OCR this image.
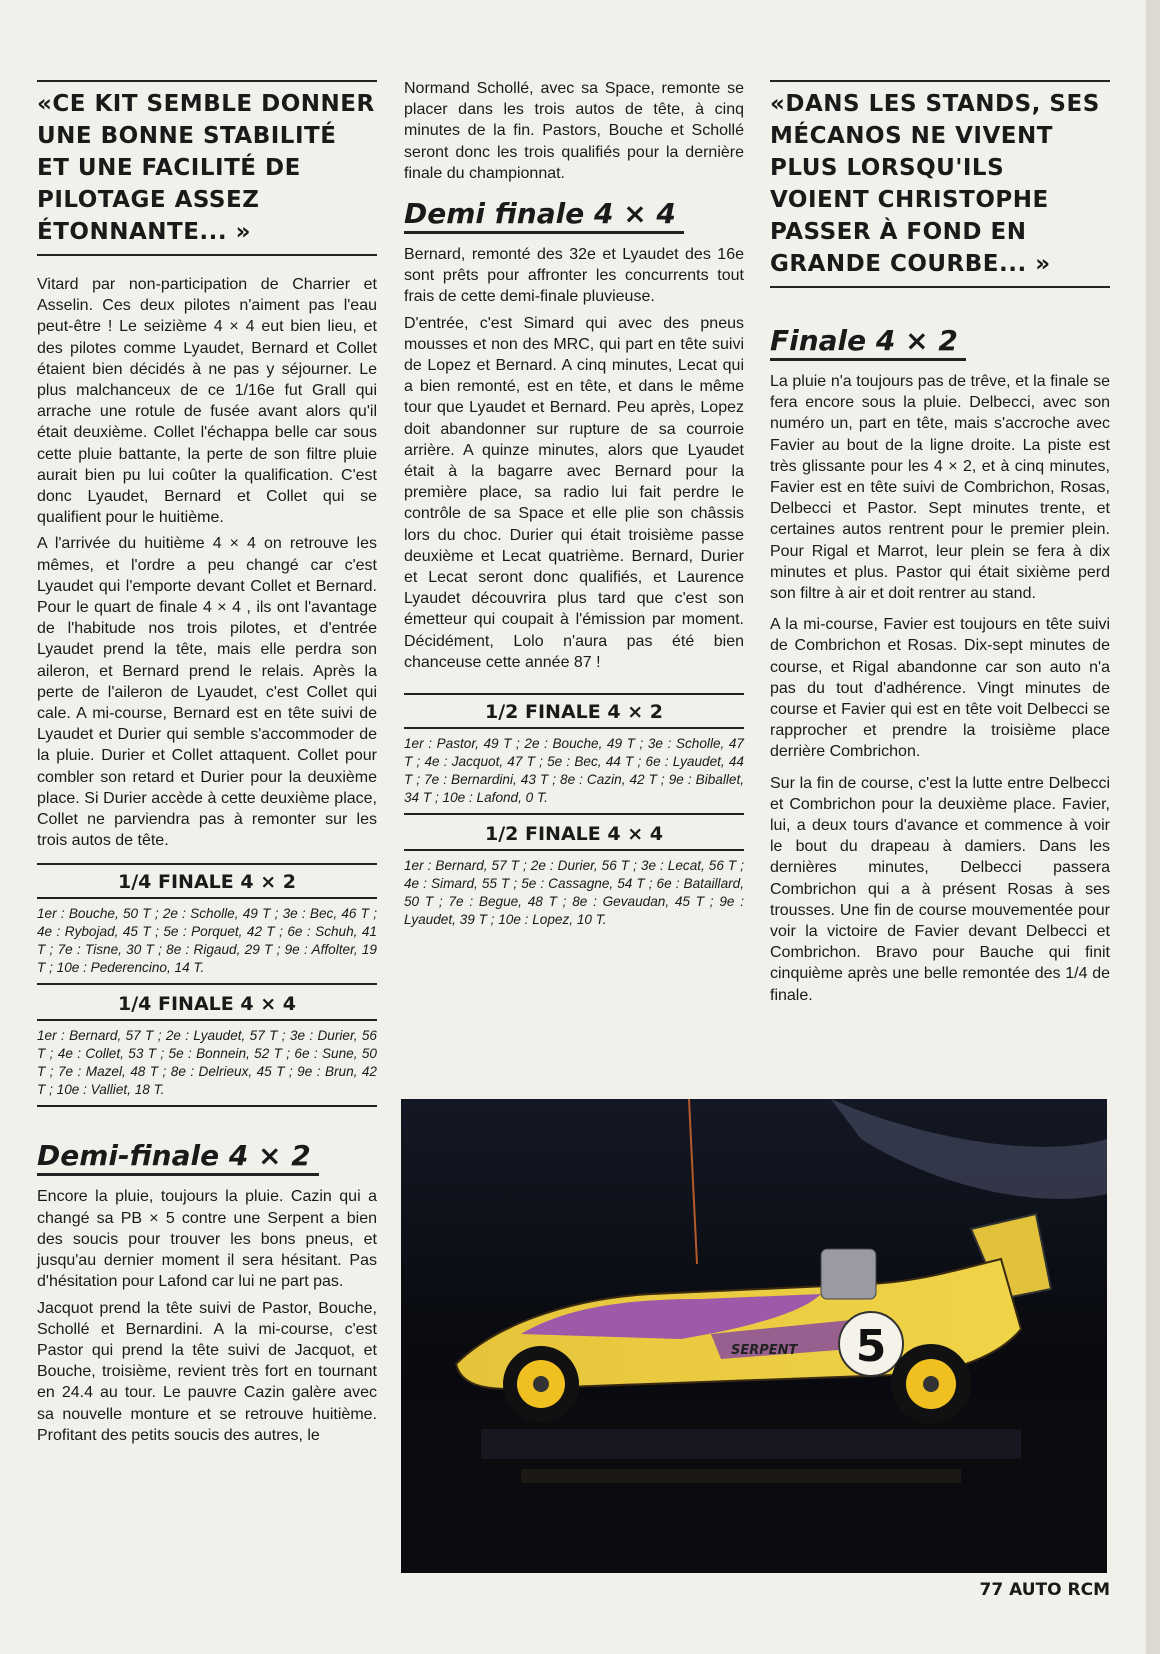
«CE KIT SEMBLE DONNER UNE BONNE STABILITÉ ET UNE FACILITÉ DE PILOTAGE ASSEZ ÉTONNANTE... »

Vitard par non-participation de Charrier et Asselin. Ces deux pilotes n'aiment pas l'eau peut-être ! Le seizième 4 × 4 eut bien lieu, et des pilotes comme Lyaudet, Bernard et Collet étaient bien décidés à ne pas y séjourner. Le plus malchanceux de ce 1/16e fut Grall qui arrache une rotule de fusée avant alors qu'il était deuxième. Collet l'échappa belle car sous cette pluie battante, la perte de son filtre pluie aurait bien pu lui coûter la qualification. C'est donc Lyaudet, Bernard et Collet qui se qualifient pour le huitième.

A l'arrivée du huitième 4 × 4 on retrouve les mêmes, et l'ordre a peu changé car c'est Lyaudet qui l'emporte devant Collet et Bernard. Pour le quart de finale 4 × 4 , ils ont l'avantage de l'habitude nos trois pilotes, et d'entrée Lyaudet prend la tête, mais elle perdra son aileron, et Bernard prend le relais. Après la perte de l'aileron de Lyaudet, c'est Collet qui cale. A mi-course, Bernard est en tête suivi de Lyaudet et Durier qui semble s'accommoder de la pluie. Durier et Collet attaquent. Collet pour combler son retard et Durier pour la deuxième place. Si Durier accède à cette deuxième place, Collet ne parviendra pas à remonter sur les trois autos de tête.

1/4 FINALE 4 × 2
1er : Bouche, 50 T ; 2e : Scholle, 49 T ; 3e : Bec, 46 T ; 4e : Rybojad, 45 T ; 5e : Porquet, 42 T ; 6e : Schuh, 41 T ; 7e : Tisne, 30 T ; 8e : Rigaud, 29 T ; 9e : Affolter, 19 T ; 10e : Pederencino, 14 T.
1/4 FINALE 4 × 4
1er : Bernard, 57 T ; 2e : Lyaudet, 57 T ; 3e : Durier, 56 T ; 4e : Collet, 53 T ; 5e : Bonnein, 52 T ; 6e : Sune, 50 T ; 7e : Mazel, 48 T ; 8e : Delrieux, 45 T ; 9e : Brun, 42 T ; 10e : Valliet, 18 T.
Demi-finale 4 × 2

Encore la pluie, toujours la pluie. Cazin qui a changé sa PB × 5 contre une Serpent a bien des soucis pour trouver les bons pneus, et jusqu'au dernier moment il sera hésitant. Pas d'hésitation pour Lafond car lui ne part pas.

Jacquot prend la tête suivi de Pastor, Bouche, Schollé et Bernardini. A la mi-course, c'est Pastor qui prend la tête suivi de Jacquot, et Bouche, troisième, revient très fort en tournant en 24.4 au tour. Le pauvre Cazin galère avec sa nouvelle monture et se retrouve huitième. Profitant des petits soucis des autres, le

Normand Schollé, avec sa Space, remonte se placer dans les trois autos de tête, à cinq minutes de la fin. Pastors, Bouche et Schollé seront donc les trois qualifiés pour la dernière finale du championnat.

Demi finale 4 × 4

Bernard, remonté des 32e et Lyaudet des 16e sont prêts pour affronter les concurrents tout frais de cette demi-finale pluvieuse.

D'entrée, c'est Simard qui avec des pneus mousses et non des MRC, qui part en tête suivi de Lopez et Bernard. A cinq minutes, Lecat qui a bien remonté, est en tête, et dans le même tour que Lyaudet et Bernard. Peu après, Lopez doit abandonner sur rupture de sa courroie arrière. A quinze minutes, alors que Lyaudet était à la bagarre avec Bernard pour la première place, sa radio lui fait perdre le contrôle de sa Space et elle plie son châssis lors du choc. Durier qui était troisième passe deuxième et Lecat quatrième. Bernard, Durier et Lecat seront donc qualifiés, et Laurence Lyaudet découvrira plus tard que c'est son émetteur qui coupait à l'émission par moment. Décidément, Lolo n'aura pas été bien chanceuse cette année 87 !

1/2 FINALE 4 × 2
1er : Pastor, 49 T ; 2e : Bouche, 49 T ; 3e : Scholle, 47 T ; 4e : Jacquot, 47 T ; 5e : Bec, 44 T ; 6e : Lyaudet, 44 T ; 7e : Bernardini, 43 T ; 8e : Cazin, 42 T ; 9e : Biballet, 34 T ; 10e : Lafond, 0 T.
1/2 FINALE 4 × 4
1er : Bernard, 57 T ; 2e : Durier, 56 T ; 3e : Lecat, 56 T ; 4e : Simard, 55 T ; 5e : Cassagne, 54 T ; 6e : Bataillard, 50 T ; 7e : Begue, 48 T ; 8e : Gevaudan, 45 T ; 9e : Lyaudet, 39 T ; 10e : Lopez, 10 T.
«DANS LES STANDS, SES MÉCANOS NE VIVENT PLUS LORSQU'ILS VOIENT CHRISTOPHE PASSER À FOND EN GRANDE COURBE... »
Finale 4 × 2

La pluie n'a toujours pas de trêve, et la finale se fera encore sous la pluie. Delbecci, avec son numéro un, part en tête, mais s'accroche avec Favier au bout de la ligne droite. La piste est très glissante pour les 4 × 2, et à cinq minutes, Favier est en tête suivi de Combrichon, Rosas, Delbecci et Pastor. Sept minutes trente, et certaines autos rentrent pour le premier plein. Pour Rigal et Marrot, leur plein se fera à dix minutes et plus. Pastor qui était sixième perd son filtre à air et doit rentrer au stand.

A la mi-course, Favier est toujours en tête suivi de Combrichon et Rosas. Dix-sept minutes de course, et Rigal abandonne car son auto n'a pas du tout d'adhérence. Vingt minutes de course et Favier qui est en tête voit Delbecci se rapprocher et prendre la troisième place derrière Combrichon.

Sur la fin de course, c'est la lutte entre Delbecci et Combrichon pour la deuxième place. Favier, lui, a deux tours d'avance et commence à voir le bout du drapeau à damiers. Dans les dernières minutes, Delbecci passera Combrichon qui a à présent Rosas à ses trousses. Une fin de course mouvementée pour voir la victoire de Favier devant Delbecci et Combrichon. Bravo pour Bauche qui finit cinquième après une belle remontée des 1/4 de finale.

5
SERPENT
77 AUTO RCM
